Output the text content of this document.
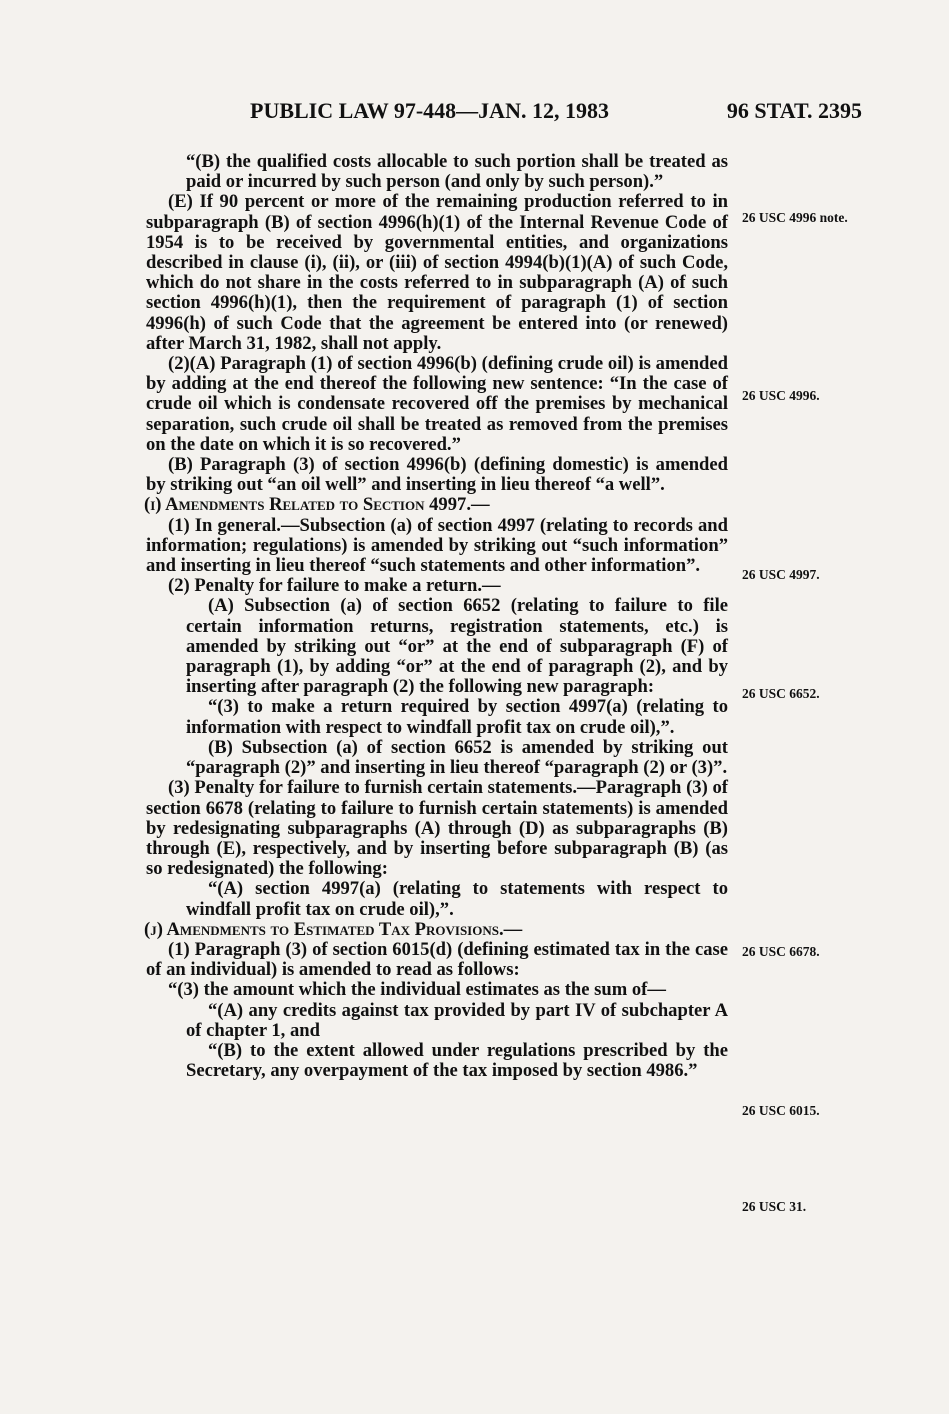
PUBLIC LAW 97-448—JAN. 12, 1983	96 STAT. 2395

“(B) the qualified costs allocable to such portion shall be treated as paid or incurred by such person (and only by such person).”

(E) If 90 percent or more of the remaining production referred to in subparagraph (B) of section 4996(h)(1) of the Internal Revenue Code of 1954 is to be received by governmental entities, and organizations described in clause (i), (ii), or (iii) of section 4994(b)(1)(A) of such Code, which do not share in the costs referred to in subparagraph (A) of such section 4996(h)(1), then the requirement of paragraph (1) of section 4996(h) of such Code that the agreement be entered into (or renewed) after March 31, 1982, shall not apply.

(2)(A) Paragraph (1) of section 4996(b) (defining crude oil) is amended by adding at the end thereof the following new sentence: “In the case of crude oil which is condensate recovered off the premises by mechanical separation, such crude oil shall be treated as removed from the premises on the date on which it is so recovered.”

(B) Paragraph (3) of section 4996(b) (defining domestic) is amended by striking out “an oil well” and inserting in lieu thereof “a well”.

(i) Amendments Related to Section 4997.—

(1) In general.—Subsection (a) of section 4997 (relating to records and information; regulations) is amended by striking out “such information” and inserting in lieu thereof “such statements and other information”.

(2) Penalty for failure to make a return.—

(A) Subsection (a) of section 6652 (relating to failure to file certain information returns, registration statements, etc.) is amended by striking out “or” at the end of subparagraph (F) of paragraph (1), by adding “or” at the end of paragraph (2), and by inserting after paragraph (2) the following new paragraph:

“(3) to make a return required by section 4997(a) (relating to information with respect to windfall profit tax on crude oil),”.

(B) Subsection (a) of section 6652 is amended by striking out “paragraph (2)” and inserting in lieu thereof “paragraph (2) or (3)”.

(3) Penalty for failure to furnish certain statements.—Paragraph (3) of section 6678 (relating to failure to furnish certain statements) is amended by redesignating subparagraphs (A) through (D) as subparagraphs (B) through (E), respectively, and by inserting before subparagraph (B) (as so redesignated) the following:

“(A) section 4997(a) (relating to statements with respect to windfall profit tax on crude oil),”.

(j) Amendments to Estimated Tax Provisions.—

(1) Paragraph (3) of section 6015(d) (defining estimated tax in the case of an individual) is amended to read as follows:

“(3) the amount which the individual estimates as the sum of—

“(A) any credits against tax provided by part IV of subchapter A of chapter 1, and

“(B) to the extent allowed under regulations prescribed by the Secretary, any overpayment of the tax imposed by section 4986.”

26 USC 4996 note.
26 USC 4996.
26 USC 4997.
26 USC 6652.
26 USC 6678.
26 USC 6015.
26 USC 31.
